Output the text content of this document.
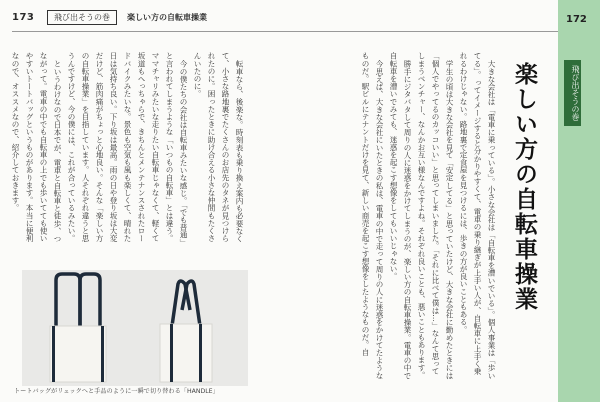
173	飛び出そうの巻	楽しい方の自転車操業	172
飛び出そうの巻
楽しい方の自転車操業

大きな会社は「電車に乗っている」。小さな会社は「自転車を漕いでいる」。個人事業は「歩いてる」。ってイメージすると分かりやすくて、電車の乗り継ぎが上手い人が、自転車に上手く乗れるわけじゃない。路地裏で定食屋を見つけるには、歩きの方が良いこともある。

学生の頃は大きな会社を見て「安定してる」と思っていたけど、大きな会社に勤めたときには「個人でやってるのカッコいい」と思ってしまいました。「それに比べて僕は…」なんて思ってしまうベンチャー、なんかお互い様なんですよね。それぞれ良いことも、悪いこともあります。

勝手にジタバタして周りの人に迷惑をかけてしまうのが、楽しい方の自転車操業。電車の中で自転車を漕いでみても、迷惑を起こす想像をしてもいいじゃない。

今思えば、大きな会社にいたときの私は、電車の中で走って周りの人に迷惑をかけてたようなものだ。駅ビルにテナントだけを見て、新しい商売を起こす想像をしたようなものだ。自

転車なら、後楽な。時刻表も乗り換え案内も必要なくて、小さな路地裏でたくさんのお店先のタネが見つけられたのに。困ったときに助け合える小さな仲間もたくさんいたのに。

今の僕たちの会社は自転車みたいな感じ。「でも普通」と言われてしまうような「いつもの自転車」とは違う。ママチャリみたいな走りたい自転車じゃなくて、軽くて坂道もへっちゃらで、きちんとメンテナンスされたロードバイクみたいな。景色も空気も風も楽しくて、晴れた日は気持ち良い。下り坂は最高。雨の日や登り坂は大変だけど、筋肉痛がちょっと心地良い。そんな「楽しい方の自転車操業」を目指しています。人それぞれ違うと思うんですけど、今の僕には、これが合っているみたい。

というわけなので日本でが、電車と自転車と徒歩、つながって。電車の中でも自転車の上でも歩いてても使いやすいトートバッグというものがあります。本当に便利なので、オススメなので、紹介しておきます。

トートバッグがリュックへと手品のように一瞬で切り替わる「HANDLE」
